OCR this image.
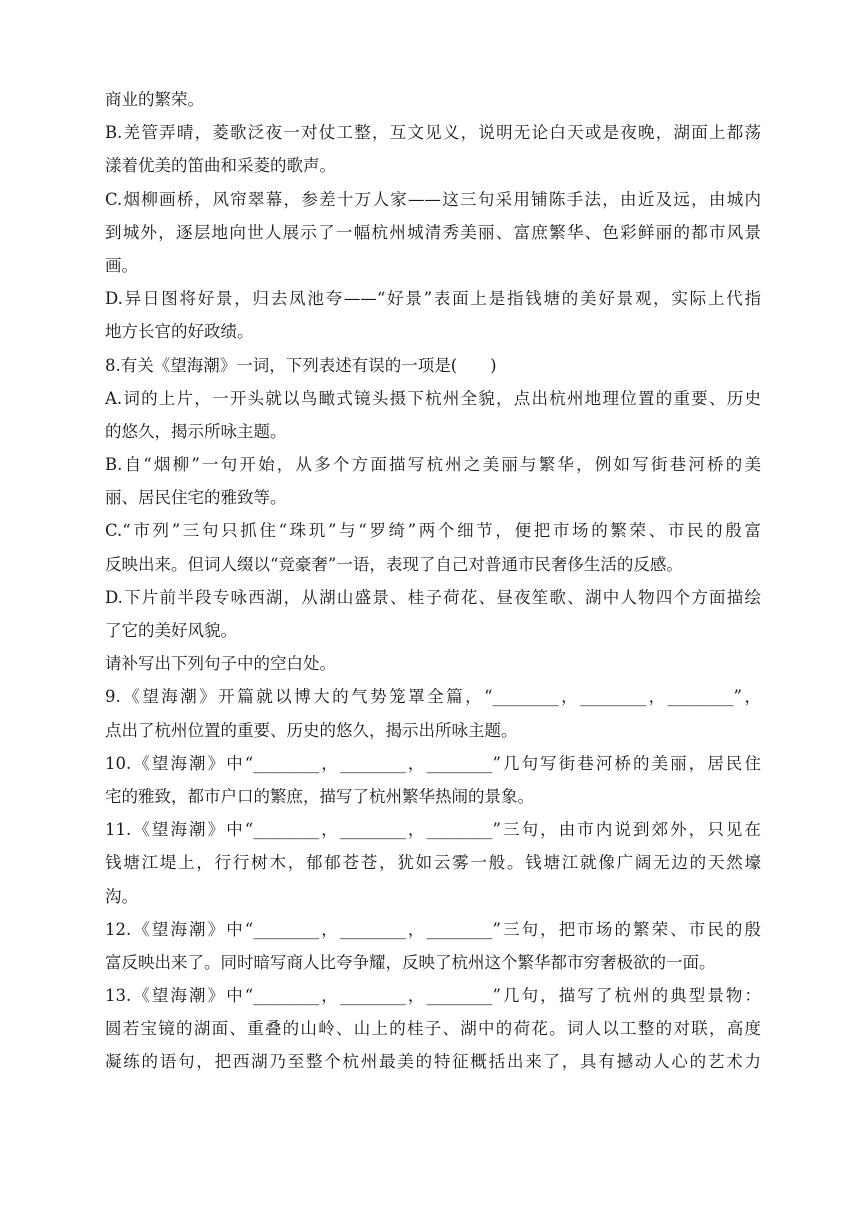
商业的繁荣。
B.羌管弄晴，菱歌泛夜一对仗工整，互文见义，说明无论白天或是夜晚，湖面上都荡
漾着优美的笛曲和采菱的歌声。
C.烟柳画桥，风帘翠幕，参差十万人家——这三句采用铺陈手法，由近及远，由城内
到城外，逐层地向世人展示了一幅杭州城清秀美丽、富庶繁华、色彩鲜丽的都市风景
画。
D.异日图将好景，归去凤池夸——“好景”表面上是指钱塘的美好景观，实际上代指
地方长官的好政绩。
8.有关《望海潮》一词，下列表述有误的一项是(　　)
A.词的上片，一开头就以鸟瞰式镜头摄下杭州全貌，点出杭州地理位置的重要、历史
的悠久，揭示所咏主题。
B.自“烟柳”一句开始，从多个方面描写杭州之美丽与繁华，例如写街巷河桥的美
丽、居民住宅的雅致等。
C.“市列”三句只抓住“珠玑”与“罗绮”两个细节，便把市场的繁荣、市民的殷富
反映出来。但词人缀以“竞豪奢”一语，表现了自己对普通市民奢侈生活的反感。
D.下片前半段专咏西湖，从湖山盛景、桂子荷花、昼夜笙歌、湖中人物四个方面描绘
了它的美好风貌。
请补写出下列句子中的空白处。
9.《望海潮》开篇就以博大的气势笼罩全篇，“________，________，________”，
点出了杭州位置的重要、历史的悠久，揭示出所咏主题。
10.《望海潮》中“________，________，________”几句写街巷河桥的美丽，居民住
宅的雅致，都市户口的繁庶，描写了杭州繁华热闹的景象。
11.《望海潮》中“________，________，________”三句，由市内说到郊外，只见在
钱塘江堤上，行行树木，郁郁苍苍，犹如云雾一般。钱塘江就像广阔无边的天然壕
沟。
12.《望海潮》中“________，________，________”三句，把市场的繁荣、市民的殷
富反映出来了。同时暗写商人比夸争耀，反映了杭州这个繁华都市穷奢极欲的一面。
13.《望海潮》中“________，________，________”几句，描写了杭州的典型景物：
圆若宝镜的湖面、重叠的山岭、山上的桂子、湖中的荷花。词人以工整的对联，高度
凝练的语句，把西湖乃至整个杭州最美的特征概括出来了，具有撼动人心的艺术力
